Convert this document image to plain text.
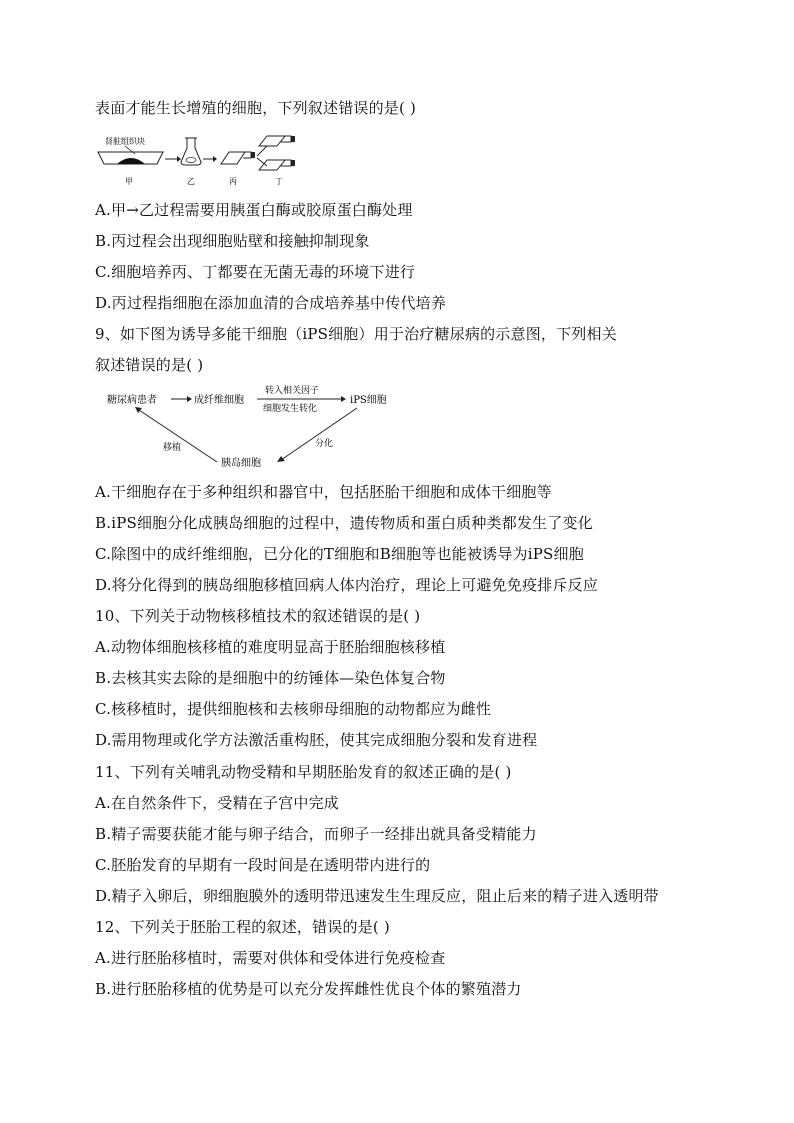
表面才能生长增殖的细胞，下列叙述错误的是( )
肾脏组织块
甲	乙	丙	丁
A.甲→乙过程需要用胰蛋白酶或胶原蛋白酶处理
B.丙过程会出现细胞贴壁和接触抑制现象
C.细胞培养丙、丁都要在无菌无毒的环境下进行
D.丙过程指细胞在添加血清的合成培养基中传代培养
9、如下图为诱导多能干细胞（iPS细胞）用于治疗糖尿病的示意图，下列相关
叙述错误的是( )
糖尿病患者	成纤维细胞
转入相关因子
细胞发生转化
iPS细胞
分化
胰岛细胞
移植
A.干细胞存在于多种组织和器官中，包括胚胎干细胞和成体干细胞等
B.iPS细胞分化成胰岛细胞的过程中，遗传物质和蛋白质种类都发生了变化
C.除图中的成纤维细胞，已分化的T细胞和B细胞等也能被诱导为iPS细胞
D.将分化得到的胰岛细胞移植回病人体内治疗，理论上可避免免疫排斥反应
10、下列关于动物核移植技术的叙述错误的是( )
A.动物体细胞核移植的难度明显高于胚胎细胞核移植
B.去核其实去除的是细胞中的纺锤体—染色体复合物
C.核移植时，提供细胞核和去核卵母细胞的动物都应为雌性
D.需用物理或化学方法激活重构胚，使其完成细胞分裂和发育进程
11、下列有关哺乳动物受精和早期胚胎发育的叙述正确的是( )
A.在自然条件下，受精在子宫中完成
B.精子需要获能才能与卵子结合，而卵子一经排出就具备受精能力
C.胚胎发育的早期有一段时间是在透明带内进行的
D.精子入卵后，卵细胞膜外的透明带迅速发生生理反应，阻止后来的精子进入透明带
12、下列关于胚胎工程的叙述，错误的是( )
A.进行胚胎移植时，需要对供体和受体进行免疫检查
B.进行胚胎移植的优势是可以充分发挥雌性优良个体的繁殖潜力
